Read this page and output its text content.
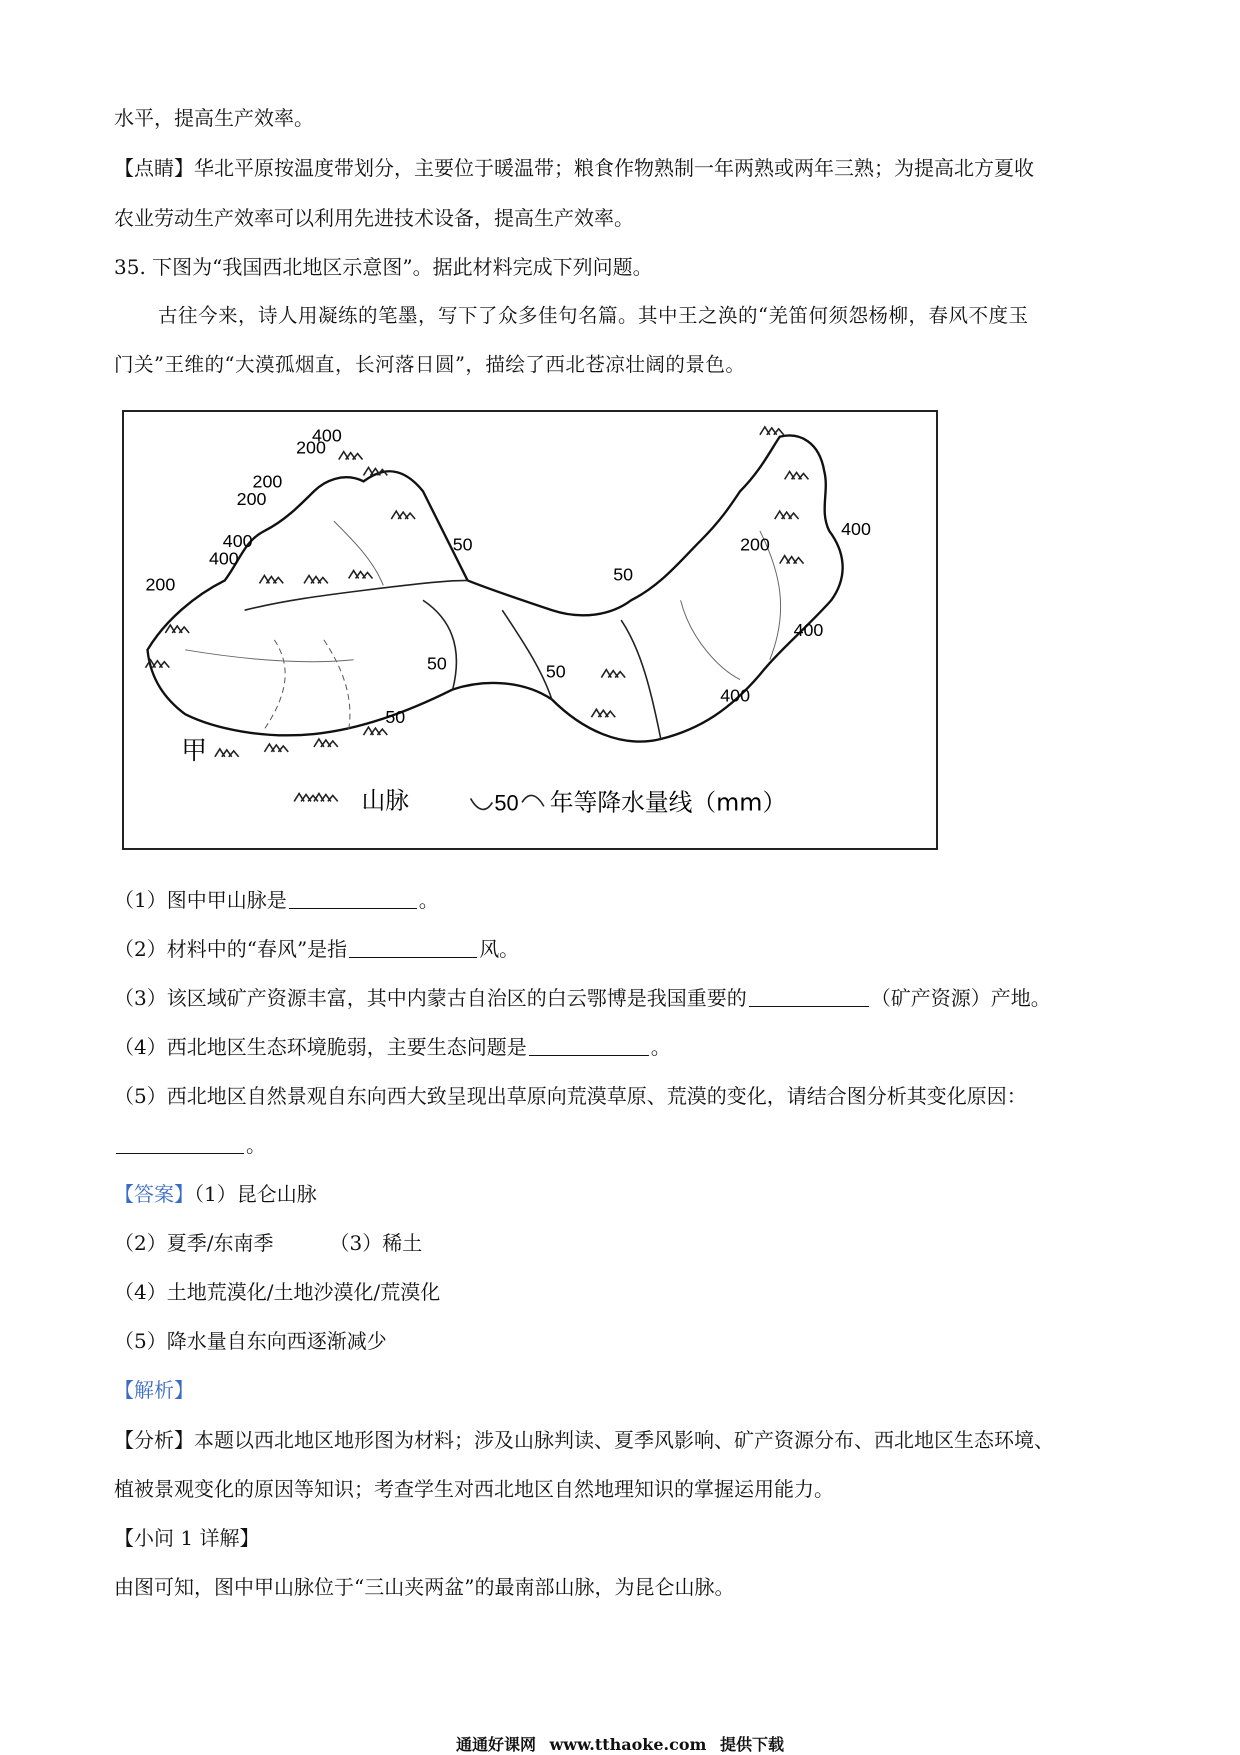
水平，提高生产效率。
【点睛】华北平原按温度带划分，主要位于暖温带；粮食作物熟制一年两熟或两年三熟；为提高北方夏收
农业劳动生产效率可以利用先进技术设备，提高生产效率。
35. 下图为“我国西北地区示意图”。据此材料完成下列问题。
古往今来，诗人用凝练的笔墨，写下了众多佳句名篇。其中王之涣的“羌笛何须怨杨柳，春风不度玉
门关”王维的“大漠孤烟直，长河落日圆”，描绘了西北苍凉壮阔的景色。
400
200
200
200
400
400
200
50
50
50
50
50
200
400
400
400
甲
山脉	50 年等降水量线（mm）
（1）图中甲山脉是	。
（2）材料中的“春风”是指	风。
（3）该区域矿产资源丰富，其中内蒙古自治区的白云鄂博是我国重要的	（矿产资源）产地。
（4）西北地区生态环境脆弱，主要生态问题是	。
（5）西北地区自然景观自东向西大致呈现出草原向荒漠草原、荒漠的变化，请结合图分析其变化原因：
。
【答案】（1）昆仑山脉
（2）夏季/东南季	（3）稀土
（4）土地荒漠化/土地沙漠化/荒漠化
（5）降水量自东向西逐渐减少
【解析】
【分析】本题以西北地区地形图为材料；涉及山脉判读、夏季风影响、矿产资源分布、西北地区生态环境、
植被景观变化的原因等知识；考查学生对西北地区自然地理知识的掌握运用能力。
【小问 1 详解】
由图可知，图中甲山脉位于“三山夹两盆”的最南部山脉，为昆仑山脉。
通通好课网 www.tthaoke.com 提供下载
